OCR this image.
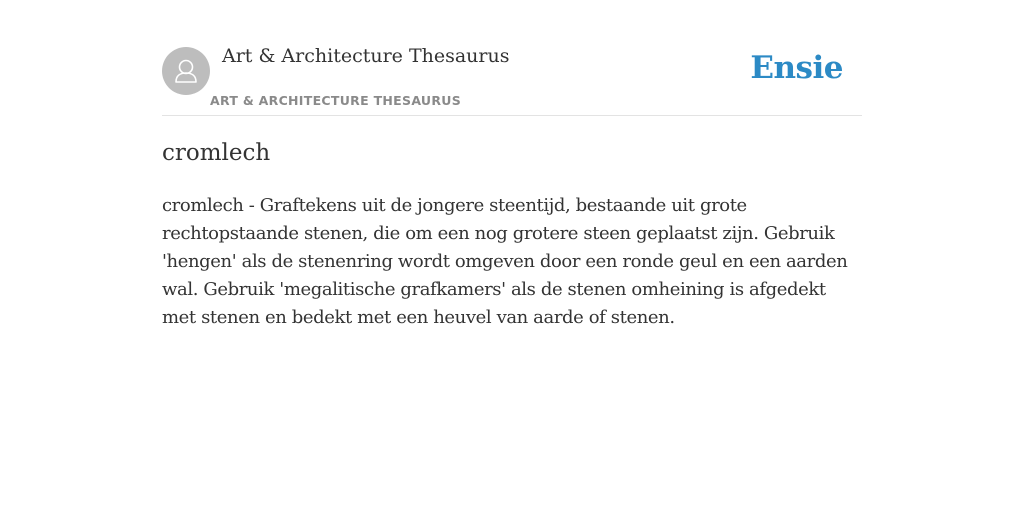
Art & Architecture Thesaurus
ART & ARCHITECTURE THESAURUS
Ensie
cromlech

cromlech - Graftekens uit de jongere steentijd, bestaande uit grote rechtopstaande stenen, die om een nog grotere steen geplaatst zijn. Gebruik 'hengen' als de stenenring wordt omgeven door een ronde geul en een aarden wal. Gebruik 'megalitische grafkamers' als de stenen omheining is afgedekt met stenen en bedekt met een heuvel van aarde of stenen.
